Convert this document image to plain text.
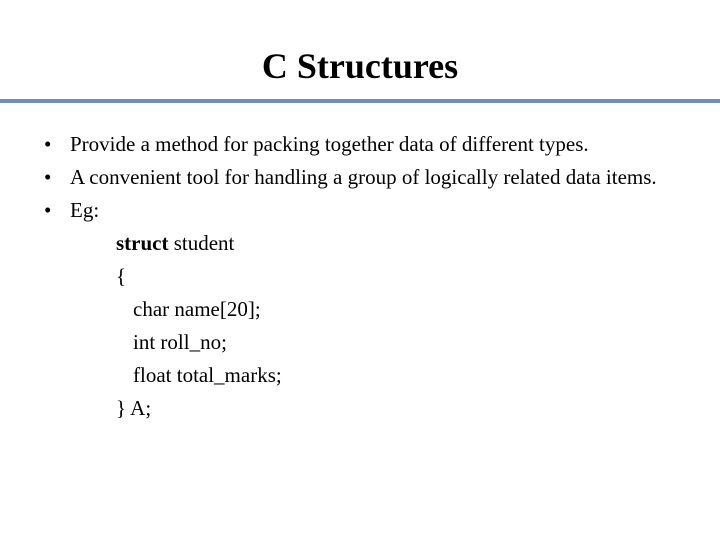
C Structures
• Provide a method for packing together data of different types.
• A convenient tool for handling a group of logically related data items.
• Eg:
struct student
{
char name[20];
int roll_no;
float total_marks;
} A;
